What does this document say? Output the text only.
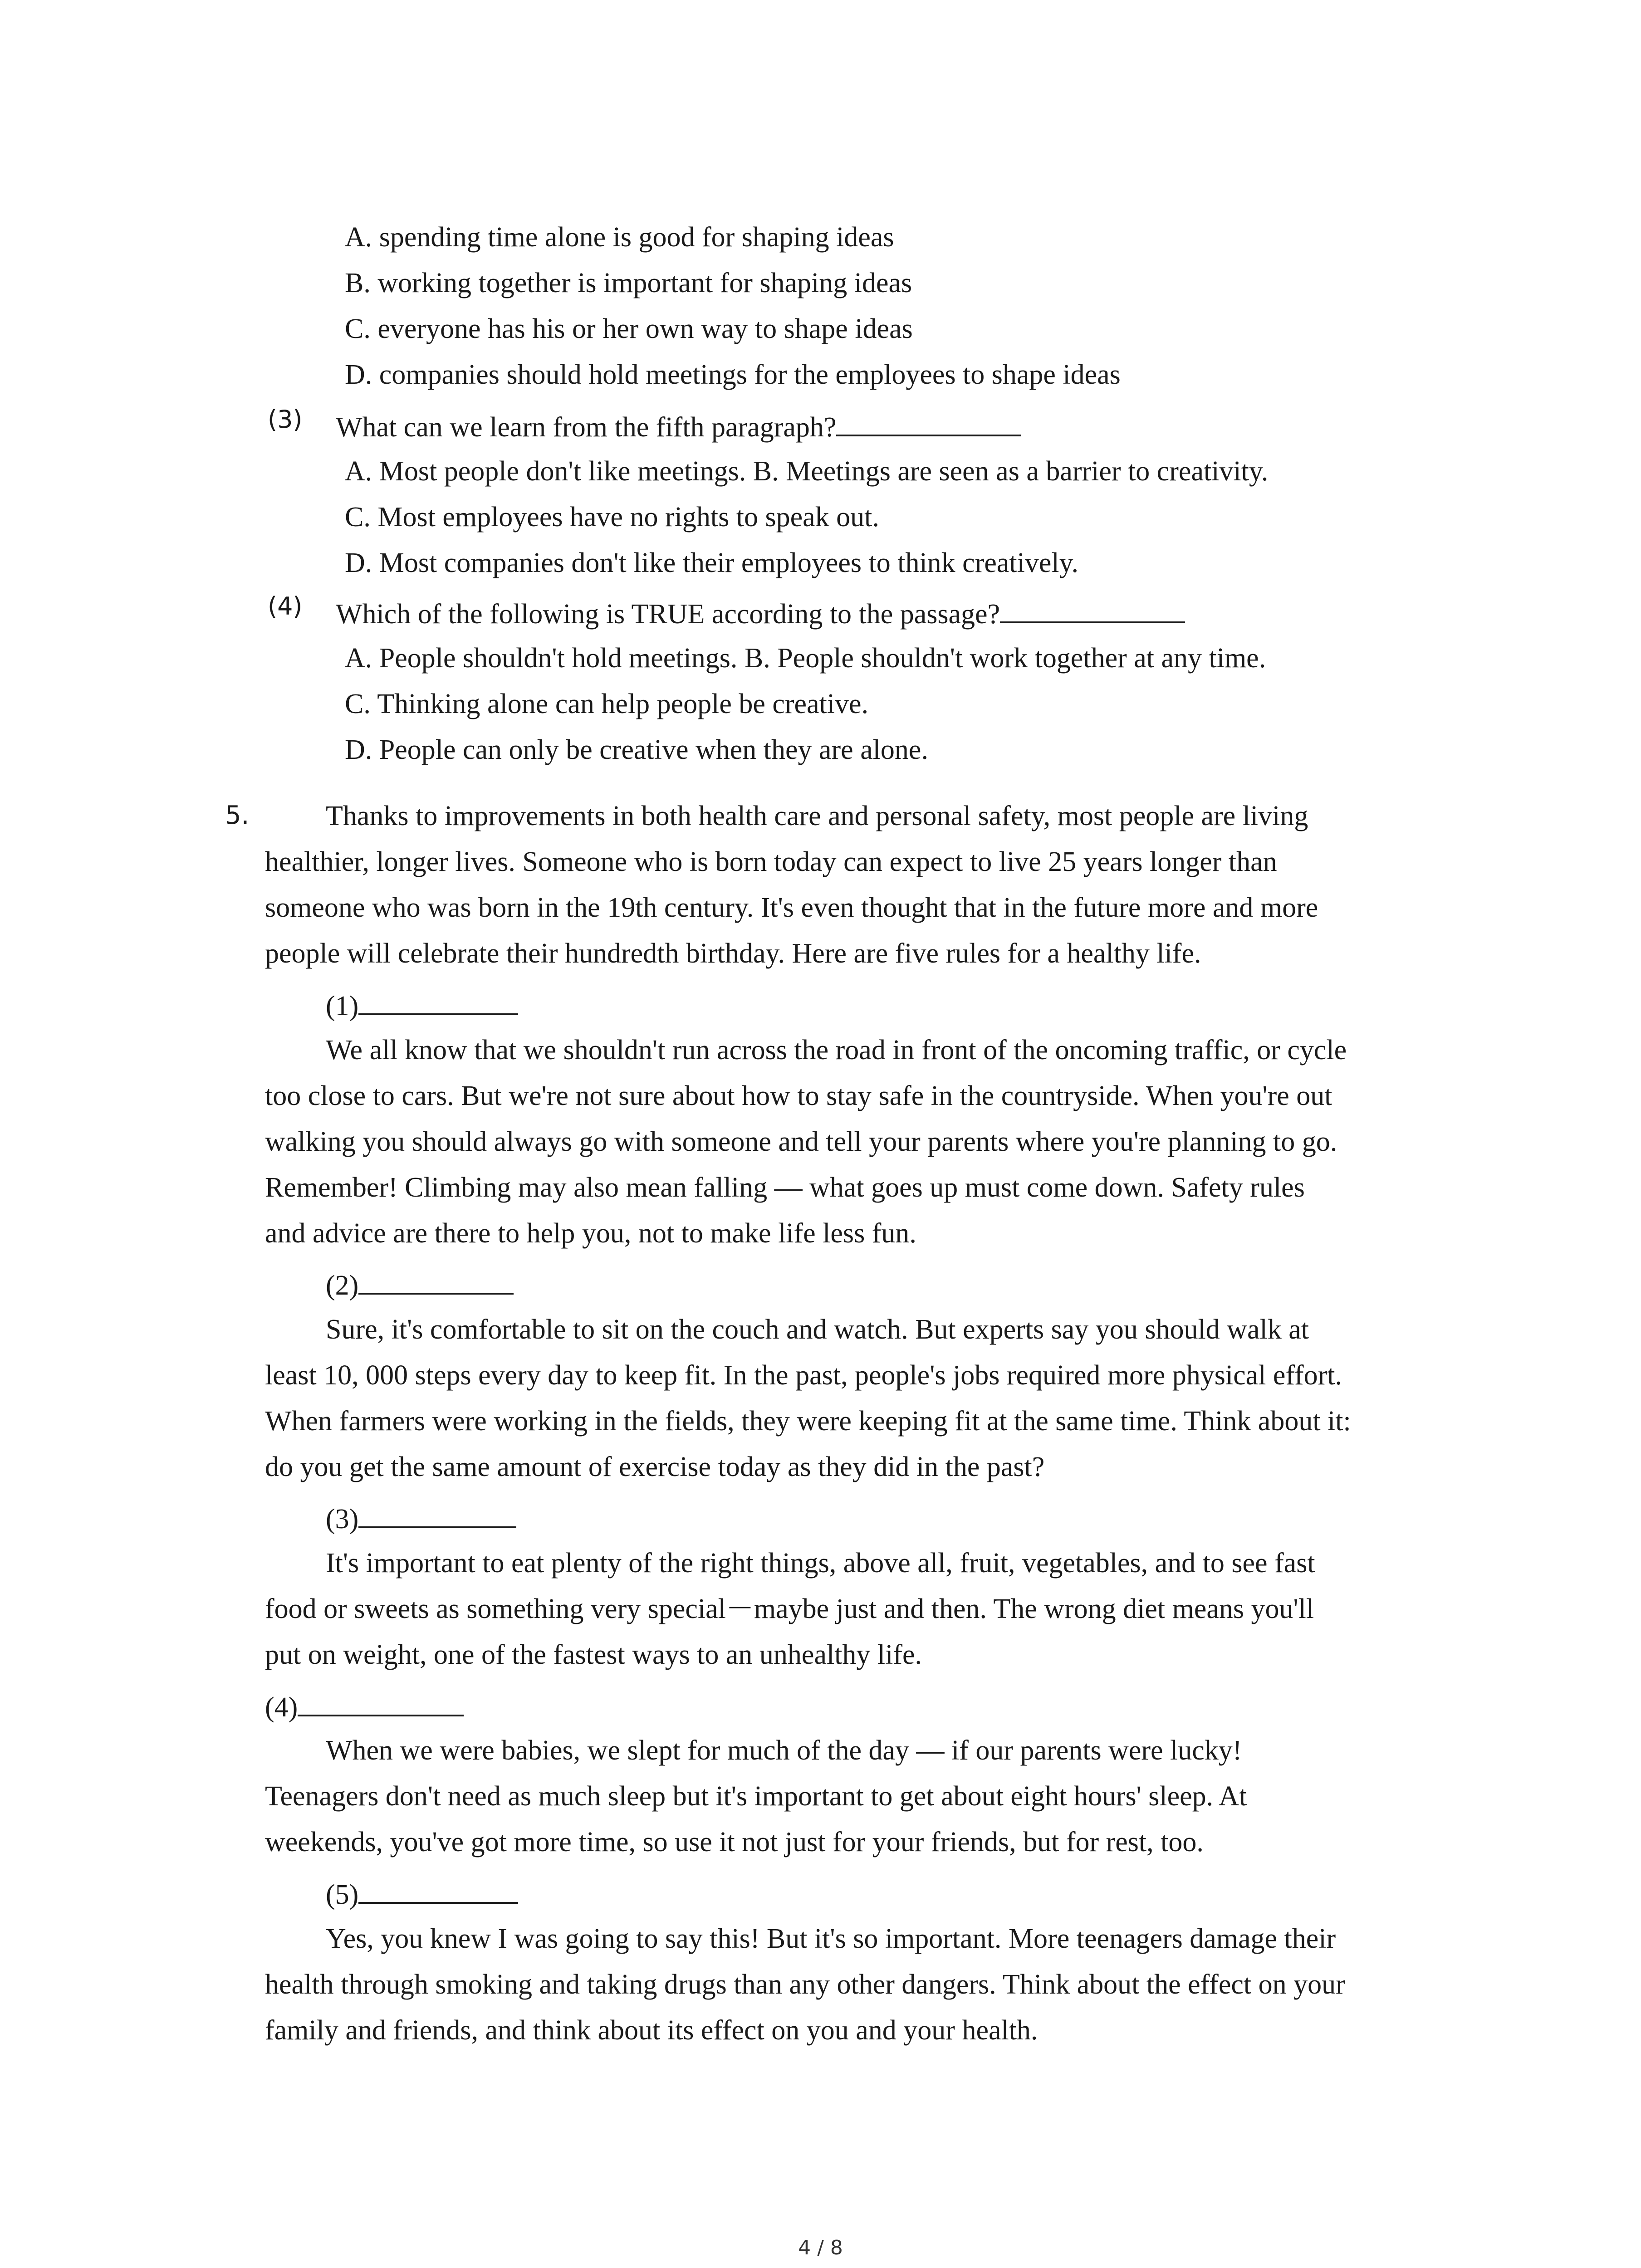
A. spending time alone is good for shaping ideas
B. working together is important for shaping ideas
C. everyone has his or her own way to shape ideas
D. companies should hold meetings for the employees to shape ideas
(3) What can we learn from the fifth paragraph?
A. Most people don't like meetings. B. Meetings are seen as a barrier to creativity.
C. Most employees have no rights to speak out.
D. Most companies don't like their employees to think creatively.
(4) Which of the following is TRUE according to the passage?
A. People shouldn't hold meetings. B. People shouldn't work together at any time.
C. Thinking alone can help people be creative.
D. People can only be creative when they are alone.
5.	Thanks to improvements in both health care and personal safety, most people are living
healthier, longer lives. Someone who is born today can expect to live 25 years longer than
someone who was born in the 19th century. It's even thought that in the future more and more
people will celebrate their hundredth birthday. Here are five rules for a healthy life.
(1)
We all know that we shouldn't run across the road in front of the oncoming traffic, or cycle
too close to cars. But we're not sure about how to stay safe in the countryside. When you're out
walking you should always go with someone and tell your parents where you're planning to go.
Remember! Climbing may also mean falling — what goes up must come down. Safety rules
and advice are there to help you, not to make life less fun.
(2)
Sure, it's comfortable to sit on the couch and watch. But experts say you should walk at
least 10, 000 steps every day to keep fit. In the past, people's jobs required more physical effort.
When farmers were working in the fields, they were keeping fit at the same time. Think about it:
do you get the same amount of exercise today as they did in the past?
(3)
It's important to eat plenty of the right things, above all, fruit, vegetables, and to see fast
food or sweets as something very special－maybe just and then. The wrong diet means you'll
put on weight, one of the fastest ways to an unhealthy life.
(4)
When we were babies, we slept for much of the day — if our parents were lucky!
Teenagers don't need as much sleep but it's important to get about eight hours' sleep. At
weekends, you've got more time, so use it not just for your friends, but for rest, too.
(5)
Yes, you knew I was going to say this! But it's so important. More teenagers damage their
health through smoking and taking drugs than any other dangers. Think about the effect on your
family and friends, and think about its effect on you and your health.
4 / 8
